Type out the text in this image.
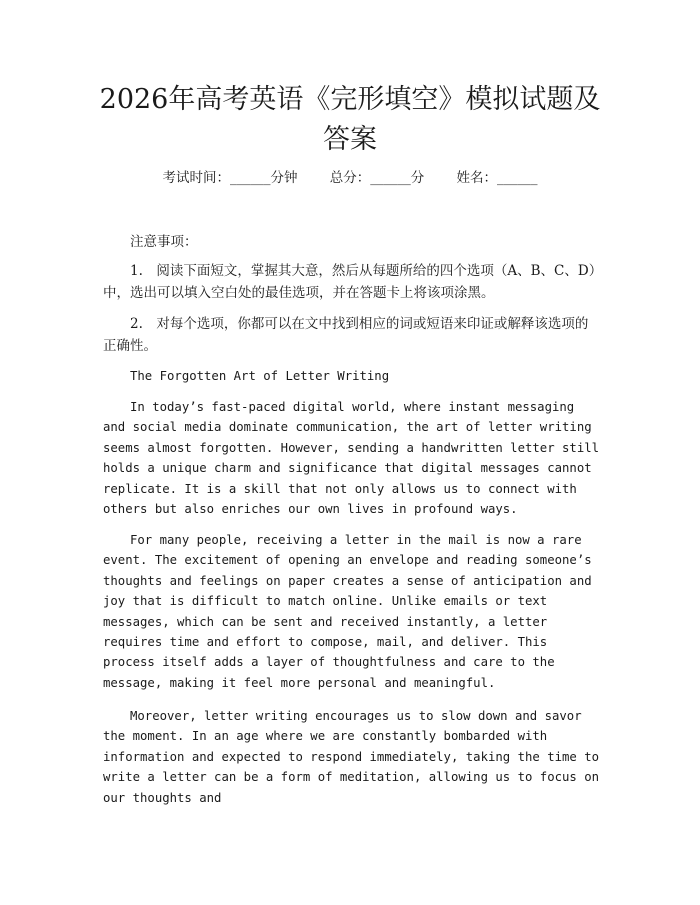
2026年高考英语《完形填空》模拟试题及答案
考试时间：______分钟 总分：______分 姓名：______
注意事项：

1.　阅读下面短文，掌握其大意，然后从每题所给的四个选项（A、B、C、D）中，选出可以填入空白处的最佳选项，并在答题卡上将该项涂黑。

2.　对每个选项，你都可以在文中找到相应的词或短语来印证或解释该选项的正确性。

The Forgotten Art of Letter Writing

In today’s fast-paced digital world, where instant messaging and social media dominate communication, the art of letter writing seems almost forgotten. However, sending a handwritten letter still holds a unique charm and significance that digital messages cannot replicate. It is a skill that not only allows us to connect with others but also enriches our own lives in profound ways.

For many people, receiving a letter in the mail is now a rare event. The excitement of opening an envelope and reading someone’s thoughts and feelings on paper creates a sense of anticipation and joy that is difficult to match online. Unlike emails or text messages, which can be sent and received instantly, a letter requires time and effort to compose, mail, and deliver. This process itself adds a layer of thoughtfulness and care to the message, making it feel more personal and meaningful.

Moreover, letter writing encourages us to slow down and savor the moment. In an age where we are constantly bombarded with information and expected to respond immediately, taking the time to write a letter can be a form of meditation, allowing us to focus on our thoughts and
